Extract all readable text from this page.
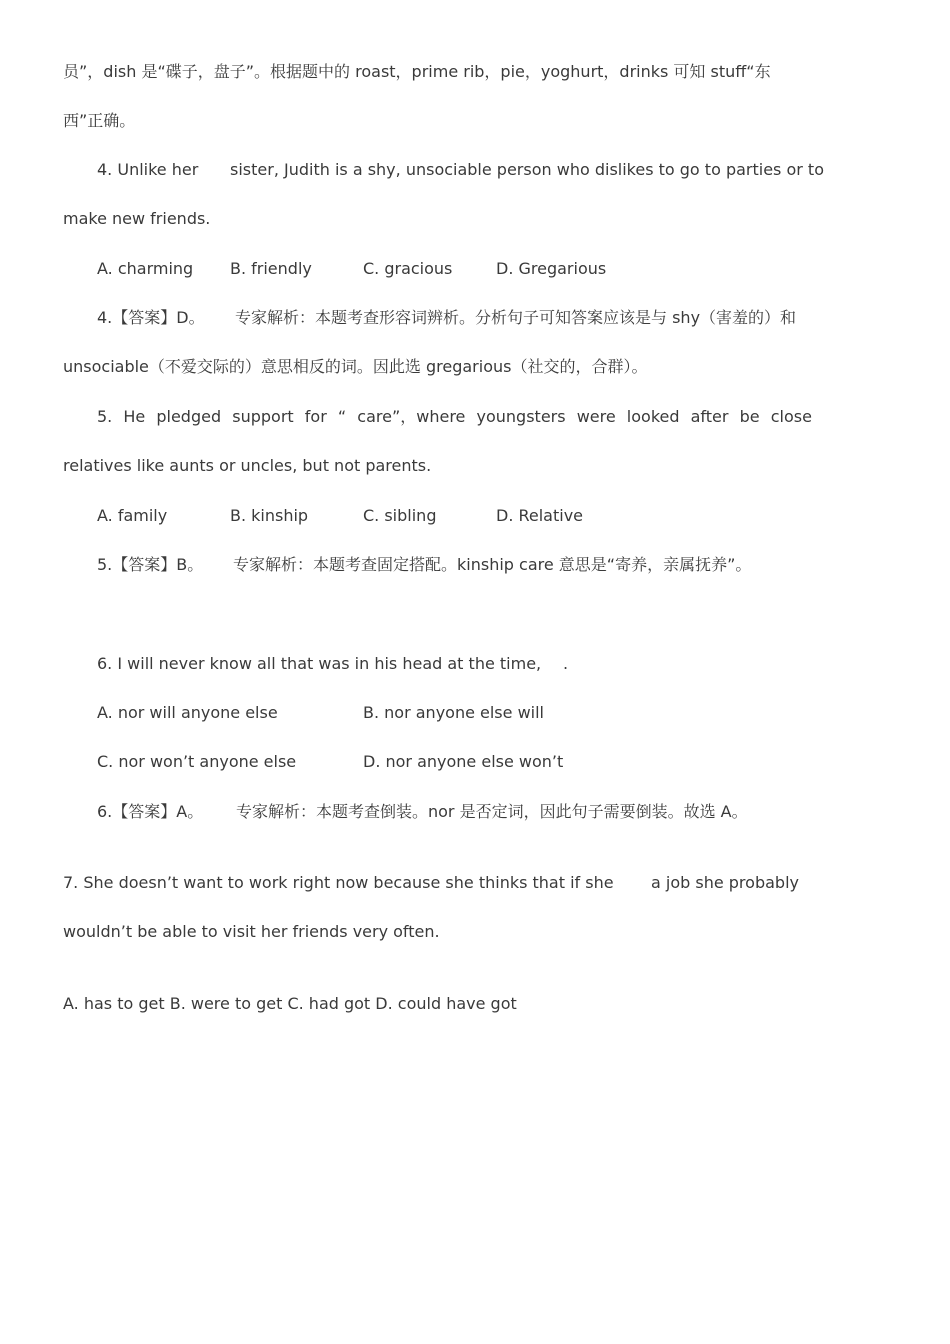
员”，dish 是“碟子，盘子”。根据题中的 roast，prime rib，pie，yoghurt，drinks 可知 stuff“东
西”正确。
4. Unlike her sister, Judith is a shy, unsociable person who dislikes to go to parties or to
make new friends.
A. charming B. friendly	C. gracious	D. Gregarious
4.【答案】D。 专家解析：本题考查形容词辨析。分析句子可知答案应该是与 shy（害羞的）和
unsociable（不爱交际的）意思相反的词。因此选 gregarious（社交的，合群）。
5. He pledged support for “ care”，where youngsters were looked after be close
relatives like aunts or uncles, but not parents.
A. family	B. kinship	C. sibling	D. Relative
5.【答案】B。 专家解析：本题考查固定搭配。kinship care 意思是“寄养，亲属抚养”。
6. I will never know all that was in his head at the time, .
A. nor will anyone else	B. nor anyone else will
C. nor won’t anyone else	D. nor anyone else won’t
6.【答案】A。 专家解析：本题考查倒装。nor 是否定词，因此句子需要倒装。故选 A。
7. She doesn’t want to work right now because she thinks that if she a job she probably
wouldn’t be able to visit her friends very often.
A. has to get B. were to get C. had got D. could have got
